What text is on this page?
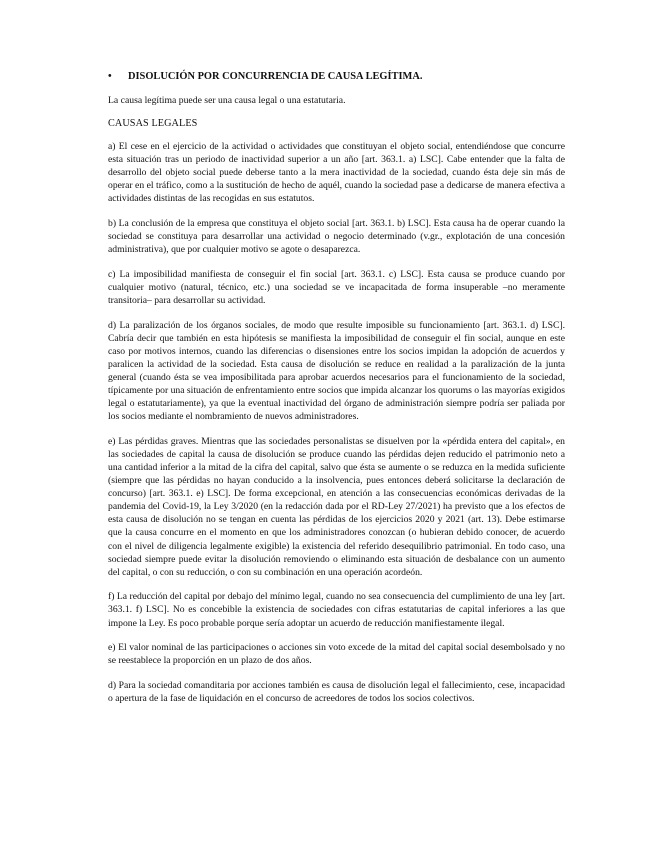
•	DISOLUCIÓN POR CONCURRENCIA DE CAUSA LEGÍTIMA.

La causa legítima puede ser una causa legal o una estatutaria.

CAUSAS LEGALES

a) El cese en el ejercicio de la actividad o actividades que constituyan el objeto social, entendiéndose que concurre esta situación tras un periodo de inactividad superior a un año [art. 363.1. a) LSC]. Cabe entender que la falta de desarrollo del objeto social puede deberse tanto a la mera inactividad de la sociedad, cuando ésta deje sin más de operar en el tráfico, como a la sustitución de hecho de aquél, cuando la sociedad pase a dedicarse de manera efectiva a actividades distintas de las recogidas en sus estatutos.

b) La conclusión de la empresa que constituya el objeto social [art. 363.1. b) LSC]. Esta causa ha de operar cuando la sociedad se constituya para desarrollar una actividad o negocio determinado (v.gr., explotación de una concesión administrativa), que por cualquier motivo se agote o desaparezca.

c) La imposibilidad manifiesta de conseguir el fin social [art. 363.1. c) LSC]. Esta causa se produce cuando por cualquier motivo (natural, técnico, etc.) una sociedad se ve incapacitada de forma insuperable –no meramente transitoria– para desarrollar su actividad.

d) La paralización de los órganos sociales, de modo que resulte imposible su funcionamiento [art. 363.1. d) LSC]. Cabría decir que también en esta hipótesis se manifiesta la imposibilidad de conseguir el fin social, aunque en este caso por motivos internos, cuando las diferencias o disensiones entre los socios impidan la adopción de acuerdos y paralicen la actividad de la sociedad. Esta causa de disolución se reduce en realidad a la paralización de la junta general (cuando ésta se vea imposibilitada para aprobar acuerdos necesarios para el funcionamiento de la sociedad, típicamente por una situación de enfrentamiento entre socios que impida alcanzar los quorums o las mayorías exigidos legal o estatutariamente), ya que la eventual inactividad del órgano de administración siempre podría ser paliada por los socios mediante el nombramiento de nuevos administradores.

e) Las pérdidas graves. Mientras que las sociedades personalistas se disuelven por la «pérdida entera del capital», en las sociedades de capital la causa de disolución se produce cuando las pérdidas dejen reducido el patrimonio neto a una cantidad inferior a la mitad de la cifra del capital, salvo que ésta se aumente o se reduzca en la medida suficiente (siempre que las pérdidas no hayan conducido a la insolvencia, pues entonces deberá solicitarse la declaración de concurso) [art. 363.1. e) LSC]. De forma excepcional, en atención a las consecuencias económicas derivadas de la pandemia del Covid-19, la Ley 3/2020 (en la redacción dada por el RD-Ley 27/2021) ha previsto que a los efectos de esta causa de disolución no se tengan en cuenta las pérdidas de los ejercicios 2020 y 2021 (art. 13). Debe estimarse que la causa concurre en el momento en que los administradores conozcan (o hubieran debido conocer, de acuerdo con el nivel de diligencia legalmente exigible) la existencia del referido desequilibrio patrimonial. En todo caso, una sociedad siempre puede evitar la disolución removiendo o eliminando esta situación de desbalance con un aumento del capital, o con su reducción, o con su combinación en una operación acordeón.

f) La reducción del capital por debajo del mínimo legal, cuando no sea consecuencia del cumplimiento de una ley [art. 363.1. f) LSC]. No es concebible la existencia de sociedades con cifras estatutarias de capital inferiores a las que impone la Ley. Es poco probable porque sería adoptar un acuerdo de reducción manifiestamente ilegal.

e) El valor nominal de las participaciones o acciones sin voto excede de la mitad del capital social desembolsado y no se reestablece la proporción en un plazo de dos años.

d) Para la sociedad comanditaria por acciones también es causa de disolución legal el fallecimiento, cese, incapacidad o apertura de la fase de liquidación en el concurso de acreedores de todos los socios colectivos.
